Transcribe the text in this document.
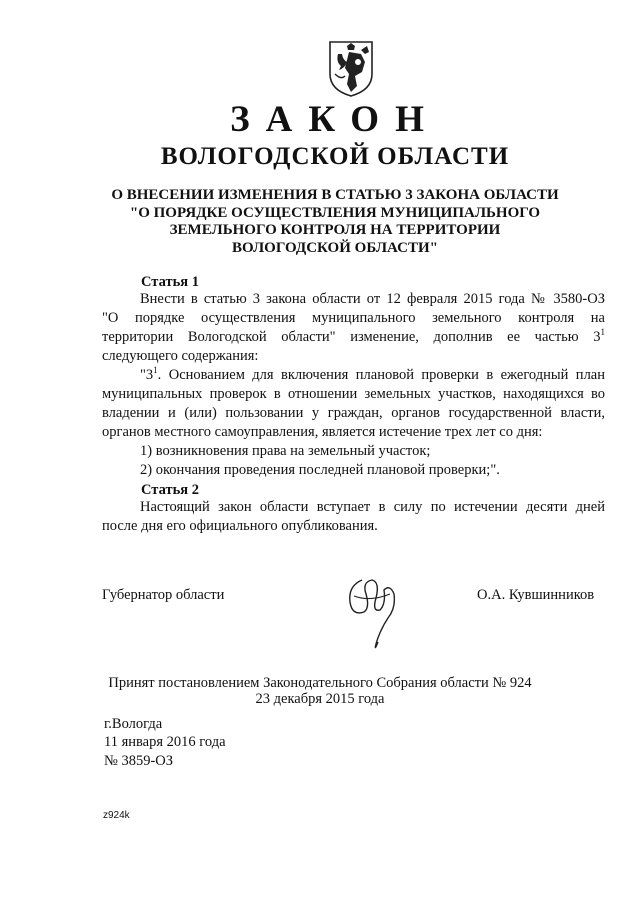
ЗАКОН
ВОЛОГОДСКОЙ ОБЛАСТИ
О ВНЕСЕНИИ ИЗМЕНЕНИЯ В СТАТЬЮ 3 ЗАКОНА ОБЛАСТИ
"О ПОРЯДКЕ ОСУЩЕСТВЛЕНИЯ МУНИЦИПАЛЬНОГО
ЗЕМЕЛЬНОГО КОНТРОЛЯ НА ТЕРРИТОРИИ
ВОЛОГОДСКОЙ ОБЛАСТИ"
Статья 1
Внести в статью 3 закона области от 12 февраля 2015 года № 3580-ОЗ
"О порядке осуществления муниципального земельного контроля на
территории Вологодской области" изменение, дополнив ее частью $3^1$
следующего содержания:
"$3^1$. Основанием для включения плановой проверки в ежегодный план
муниципальных проверок в отношении земельных участков, находящихся во
владении и (или) пользовании у граждан, органов государственной власти,
органов местного самоуправления, является истечение трех лет со дня:
1) возникновения права на земельный участок;
2) окончания проведения последней плановой проверки;".
Статья 2
Настоящий закон области вступает в силу по истечении десяти дней
после дня его официального опубликования.
Губернатор области	О.А. Кувшинников
Принят постановлением Законодательного Собрания области № 924
23 декабря 2015 года
г.Вологда
11 января 2016 года
№ 3859-ОЗ
z924k
